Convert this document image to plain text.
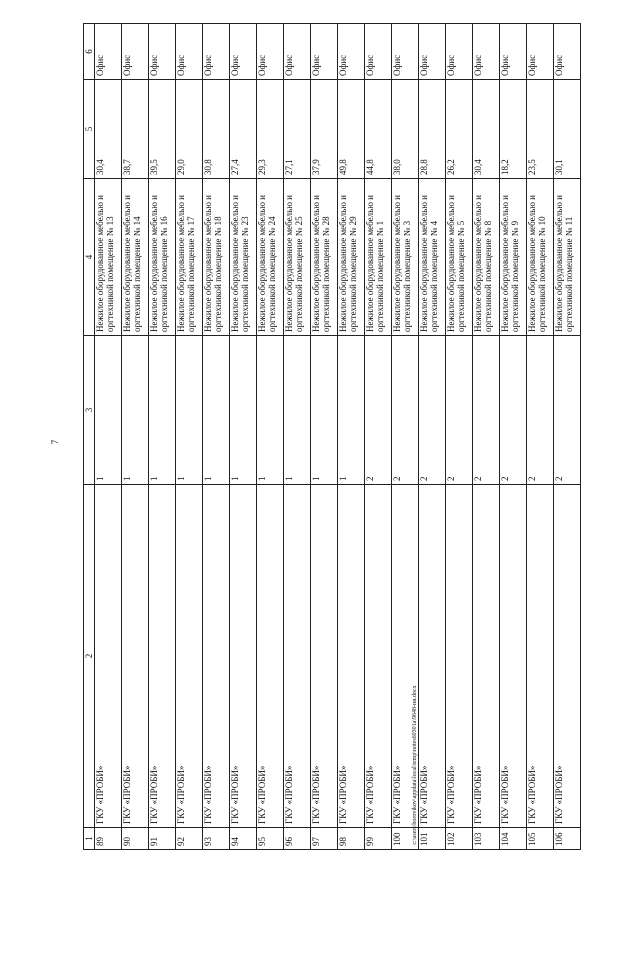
7
1	2	3	4	5	6
89	ГКУ «ПРОБИ»	1	Нежилое оборудованное мебелью и оргтехникой помещение № 13	30,4	Офис
90	ГКУ «ПРОБИ»	1	Нежилое оборудованное мебелью и оргтехникой помещение № 14	38,7	Офис
91	ГКУ «ПРОБИ»	1	Нежилое оборудованное мебелью и оргтехникой помещение № 16	39,5	Офис
92	ГКУ «ПРОБИ»	1	Нежилое оборудованное мебелью и оргтехникой помещение № 17	29,0	Офис
93	ГКУ «ПРОБИ»	1	Нежилое оборудованное мебелью и оргтехникой помещение № 18	30,8	Офис
94	ГКУ «ПРОБИ»	1	Нежилое оборудованное мебелью и оргтехникой помещение № 23	27,4	Офис
95	ГКУ «ПРОБИ»	1	Нежилое оборудованное мебелью и оргтехникой помещение № 24	29,3	Офис
96	ГКУ «ПРОБИ»	1	Нежилое оборудованное мебелью и оргтехникой помещение № 25	27,1	Офис
97	ГКУ «ПРОБИ»	1	Нежилое оборудованное мебелью и оргтехникой помещение № 28	37,9	Офис
98	ГКУ «ПРОБИ»	1	Нежилое оборудованное мебелью и оргтехникой помещение № 29	49,8	Офис
99	ГКУ «ПРОБИ»	2	Нежилое оборудованное мебелью и оргтехникой помещение № 1	44,8	Офис
100	ГКУ «ПРОБИ»	2	Нежилое оборудованное мебелью и оргтехникой помещение № 3	38,0	Офис
101	ГКУ «ПРОБИ»	2	Нежилое оборудованное мебелью и оргтехникой помещение № 4	28,8	Офис
102	ГКУ «ПРОБИ»	2	Нежилое оборудованное мебелью и оргтехникой помещение № 5	26,2	Офис
103	ГКУ «ПРОБИ»	2	Нежилое оборудованное мебелью и оргтехникой помещение № 8	30,4	Офис
104	ГКУ «ПРОБИ»	2	Нежилое оборудованное мебелью и оргтехникой помещение № 9	18,2	Офис
105	ГКУ «ПРОБИ»	2	Нежилое оборудованное мебелью и оргтехникой помещение № 10	23,5	Офис
106	ГКУ «ПРОБИ»	2	Нежилое оборудованное мебелью и оргтехникой помещение № 11	30,1	Офис
c:\users\borovikov\appdata\local\temp\notes60301a\9648-ни.docx
